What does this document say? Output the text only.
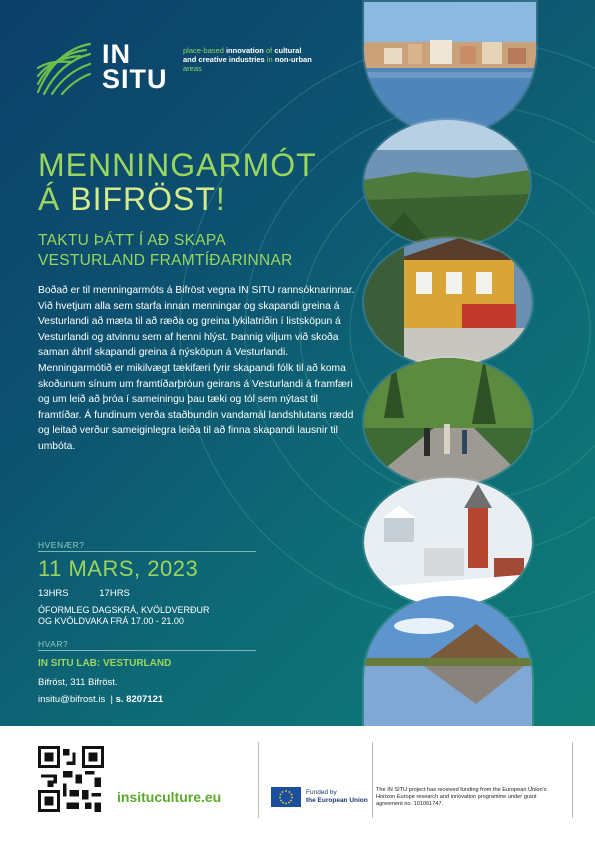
IN
SITU
place-based innovation of cultural and creative industries in non-urban areas
MENNINGARMÓT
Á BIFRÖST!
TAKTU ÞÁTT Í AÐ SKAPA
VESTURLAND FRAMTÍÐARINNAR

Boðað er til menningarmóts á Bifröst vegna IN SITU rannsóknarinnar. Við hvetjum alla sem starfa innan menningar og skapandi greina á Vesturlandi að mæta til að ræða og greina lykilatriðin í listsköpun á Vesturlandi og atvinnu sem af henni hlýst. Þannig viljum við skoða saman áhrif skapandi greina á nýsköpun á Vesturlandi.

Menningarmótið er mikilvægt tækifæri fyrir skapandi fólk til að koma skoðunum sínum um framtíðarþróun geirans á Vesturlandi á framfæri og um leið að þróa í sameiningu þau tæki og tól sem nýtast til framtíðar. Á fundinum verða staðbundin vandamál landshlutans rædd og leitað verður sameiginlegra leiða til að finna skapandi lausnir til umbóta.

HVENÆR?
11 MARS, 2023
13HRS	17HRS
ÓFORMLEG DAGSKRÁ, KVÖLDVERÐUR
OG KVÖLDVAKA FRÁ 17.00 - 21.00
HVAR?
IN SITU LAB: VESTURLAND
Bifröst, 311 Bifröst.
insitu@bifrost.is | s. 8207121
insituculture.eu	Funded by
the European Union
The IN SITU project has received funding from the European Union's Horizon Europe research and innovation programme under grant agreement no. 101061747.
